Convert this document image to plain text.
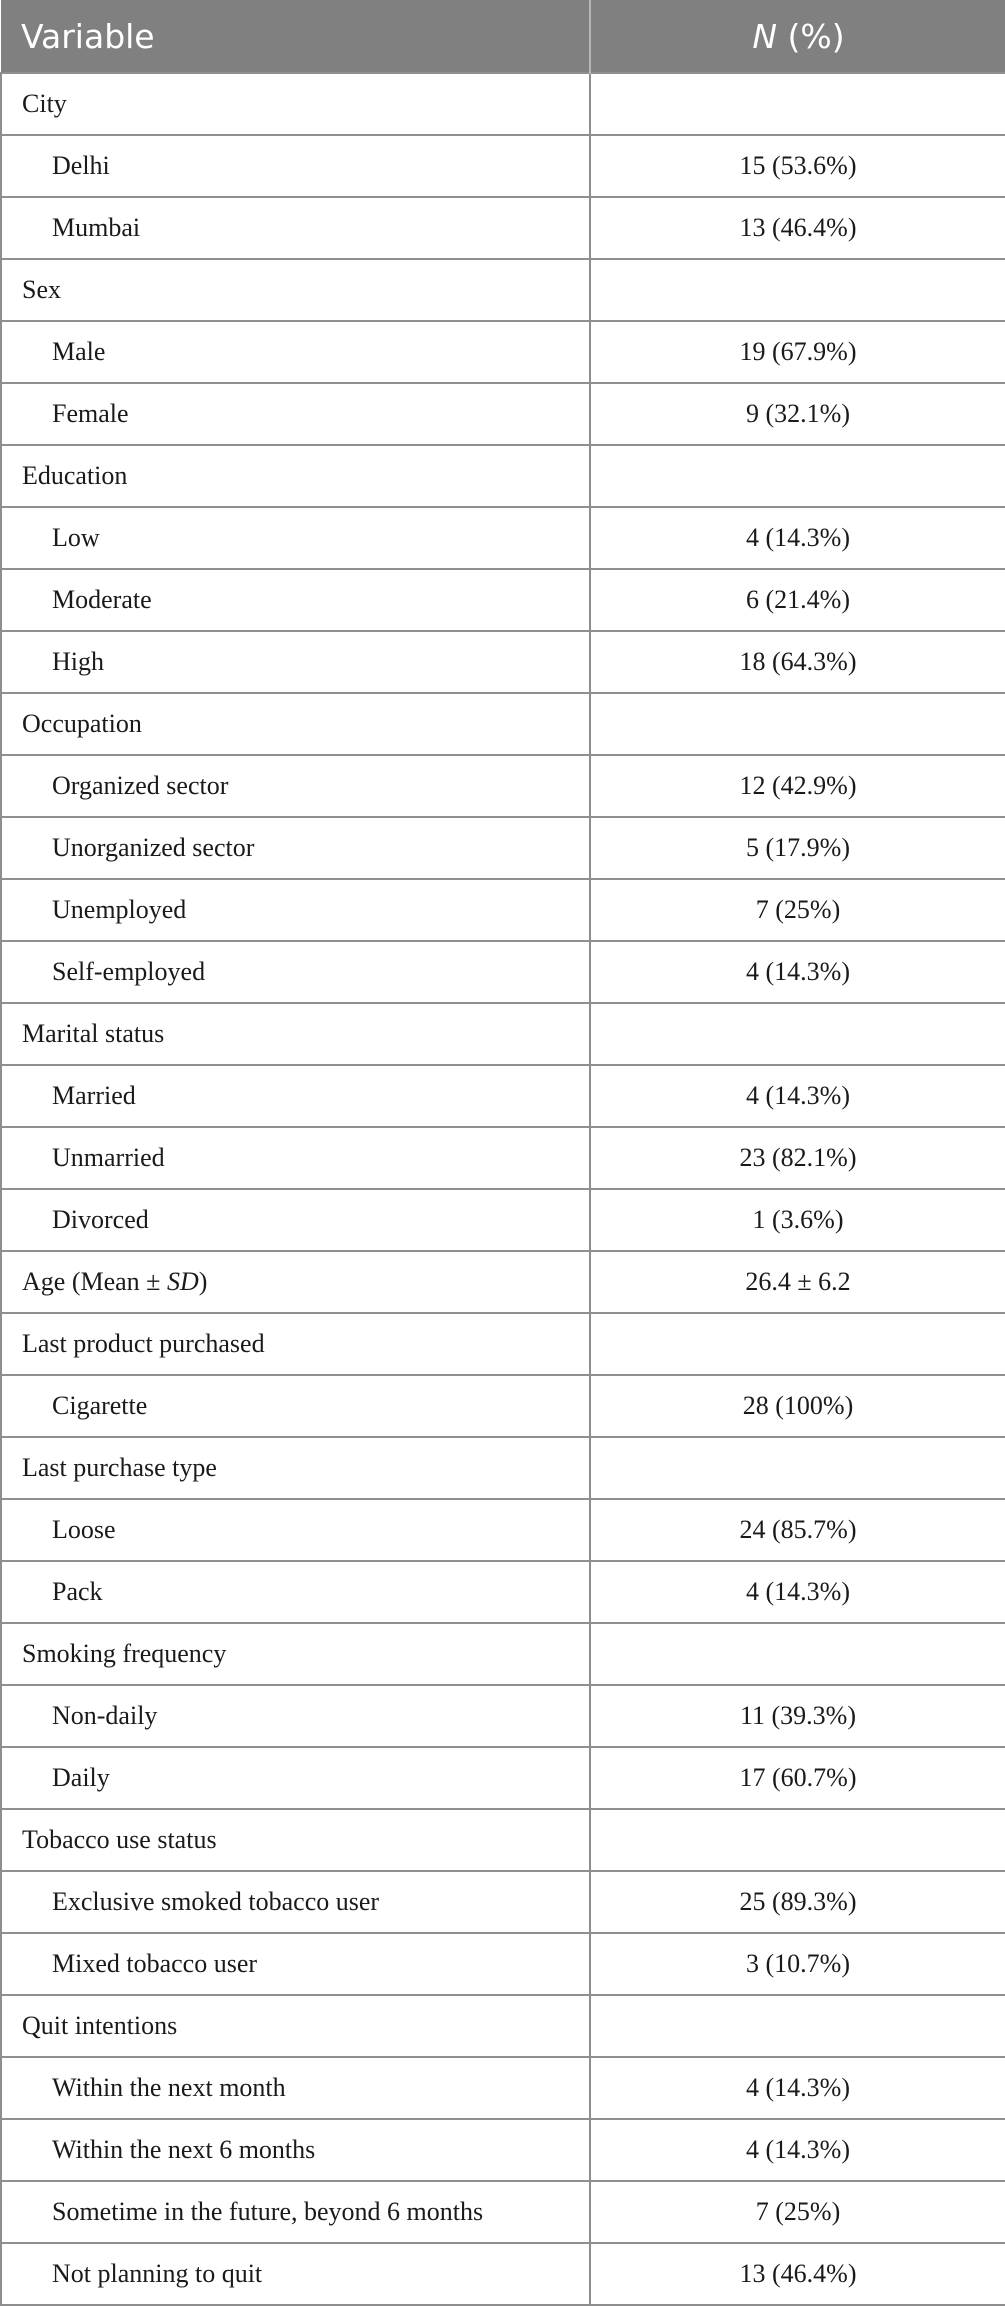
Variable	N (%)
City	
Delhi	15 (53.6%)
Mumbai	13 (46.4%)
Sex	
Male	19 (67.9%)
Female	9 (32.1%)
Education	
Low	4 (14.3%)
Moderate	6 (21.4%)
High	18 (64.3%)
Occupation	
Organized sector	12 (42.9%)
Unorganized sector	5 (17.9%)
Unemployed	7 (25%)
Self-employed	4 (14.3%)
Marital status	
Married	4 (14.3%)
Unmarried	23 (82.1%)
Divorced	1 (3.6%)
Age (Mean ± SD)	26.4 ± 6.2
Last product purchased	
Cigarette	28 (100%)
Last purchase type	
Loose	24 (85.7%)
Pack	4 (14.3%)
Smoking frequency	
Non-daily	11 (39.3%)
Daily	17 (60.7%)
Tobacco use status	
Exclusive smoked tobacco user	25 (89.3%)
Mixed tobacco user	3 (10.7%)
Quit intentions	
Within the next month	4 (14.3%)
Within the next 6 months	4 (14.3%)
Sometime in the future, beyond 6 months	7 (25%)
Not planning to quit	13 (46.4%)
